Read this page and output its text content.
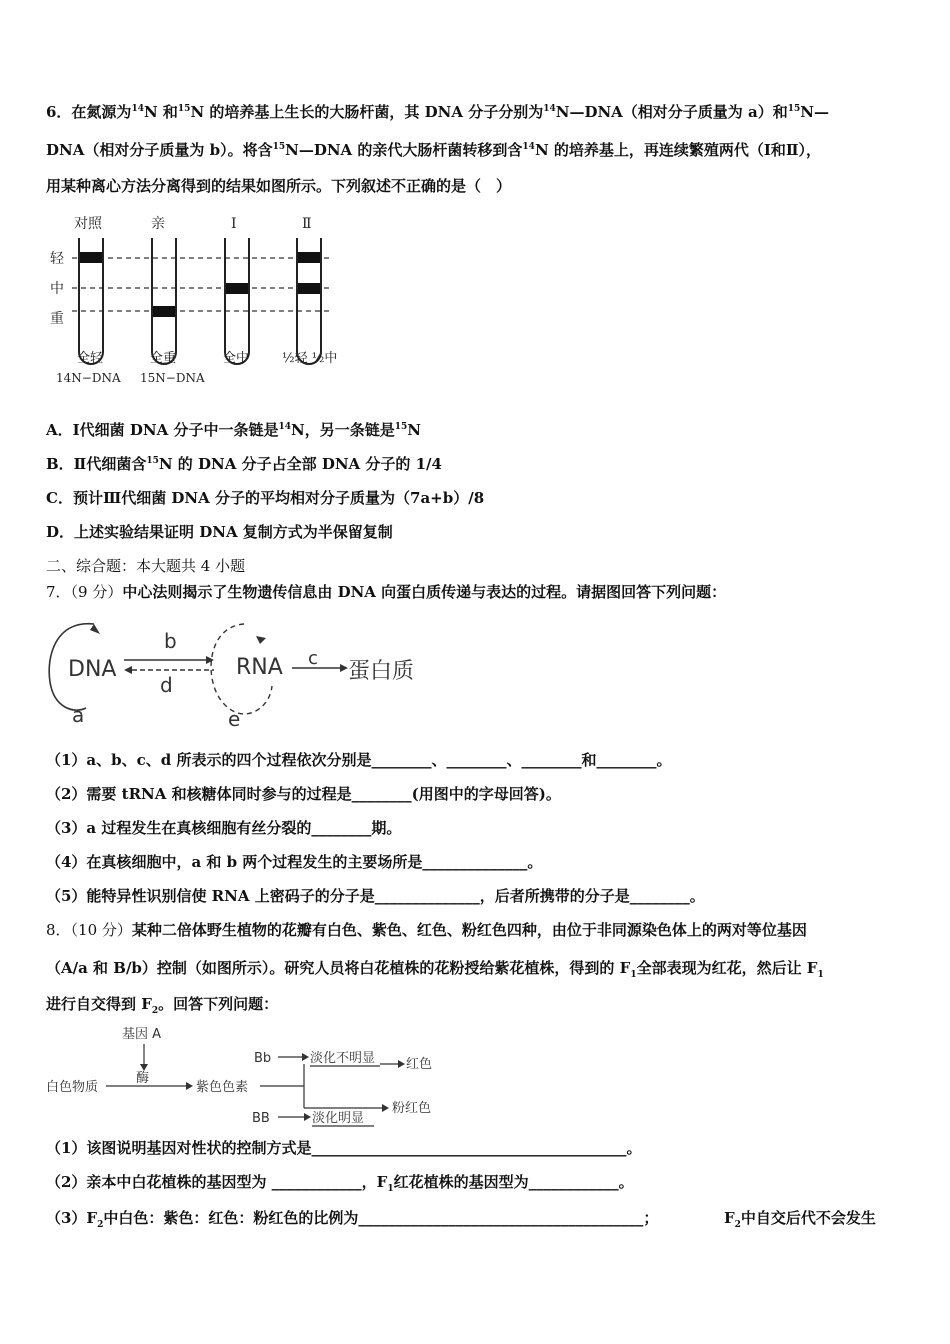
6．在氮源为$^{14}$N 和$^{15}$N 的培养基上生长的大肠杆菌，其 DNA 分子分别为$^{14}$N—DNA（相对分子质量为 a）和$^{15}$N—
DNA（相对分子质量为 b）。将含$^{15}$N—DNA 的亲代大肠杆菌转移到含$^{14}$N 的培养基上，再连续繁殖两代（Ⅰ和Ⅱ），
用某种离心方法分离得到的结果如图所示。下列叙述不正确的是（　）
对照	亲	Ⅰ	Ⅱ
轻
中
重
全轻	全重	全中	½轻 ½中
14N−DNA 15N−DNA
A．Ⅰ代细菌 DNA 分子中一条链是$^{14}$N，另一条链是$^{15}$N
B．Ⅱ代细菌含$^{15}$N 的 DNA 分子占全部 DNA 分子的 1/4
C．预计Ⅲ代细菌 DNA 分子的平均相对分子质量为（7a+b）/8
D．上述实验结果证明 DNA 复制方式为半保留复制
二、综合题：本大题共 4 小题
7．（9 分）中心法则揭示了生物遗传信息由 DNA 向蛋白质传递与表达的过程。请据图回答下列问题：
DNA	RNA	蛋白质
b
c
d
a	e
（1）a、b、c、d 所表示的四个过程依次分别是________、________、________和________。
（2）需要 tRNA 和核糖体同时参与的过程是________(用图中的字母回答)。
（3）a 过程发生在真核细胞有丝分裂的________期。
（4）在真核细胞中，a 和 b 两个过程发生的主要场所是______________。
（5）能特异性识别信使 RNA 上密码子的分子是______________，后者所携带的分子是________。
8．（10 分）某种二倍体野生植物的花瓣有白色、紫色、红色、粉红色四种，由位于非同源染色体上的两对等位基因
（A/a 和 B/b）控制（如图所示）。研究人员将白花植株的花粉授给紫花植株，得到的 $F_1$全部表现为红花，然后让 $F_1$
进行自交得到 $F_2$。回答下列问题：
基因 A
酶
白色物质	紫色色素
Bb
BB
淡化不明显
淡化明显
红色
粉红色
（1）该图说明基因对性状的控制方式是__________________________________________。
（2）亲本中白花植株的基因型为 ____________，$F_1$红花植株的基因型为____________。
$(3)F_2$中白色：紫色：红色：粉红色的比例为______________________________________；	$F_2$中自交后代不会发生
